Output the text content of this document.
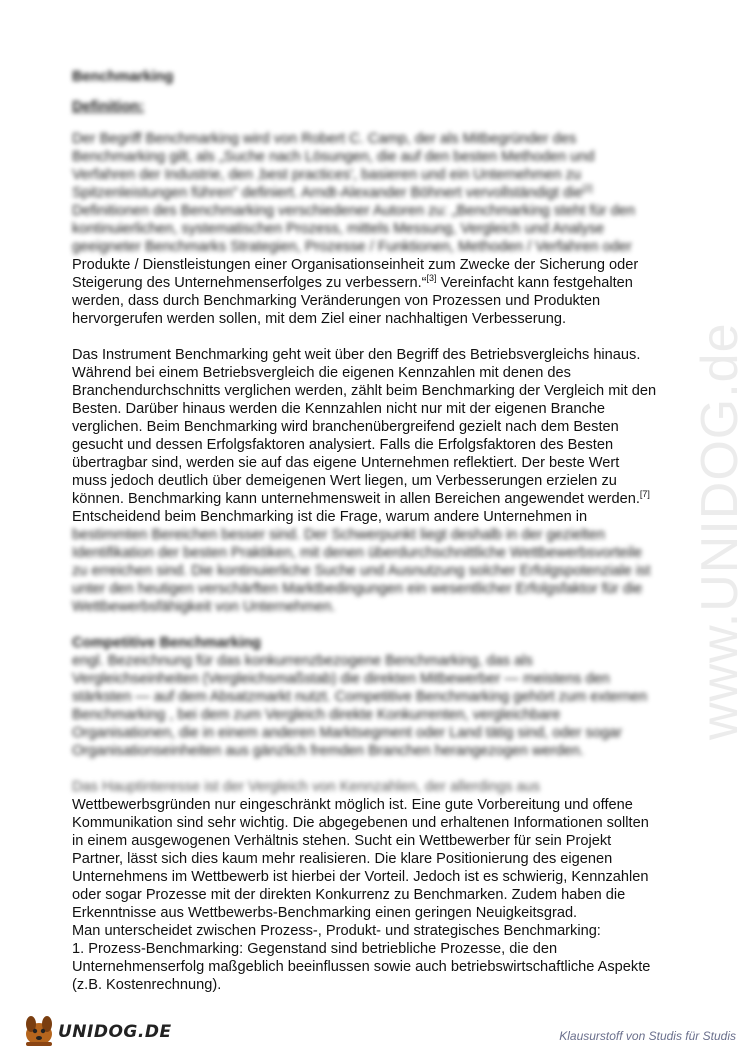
www.UNIDOG.de
Benchmarking
Definition:
Der Begriff Benchmarking wird von Robert C. Camp, der als Mitbegründer des
Benchmarking gilt, als „Suche nach Lösungen, die auf den besten Methoden und
Verfahren der Industrie, den ‚best practices', basieren und ein Unternehmen zu
Spitzenleistungen führen" definiert. Arndt-Alexander Böhnert vervollständigt die[2]
Definitionen des Benchmarking verschiedener Autoren zu: „Benchmarking steht für den
kontinuierlichen, systematischen Prozess, mittels Messung, Vergleich und Analyse
geeigneter Benchmarks Strategien, Prozesse / Funktionen, Methoden / Verfahren oder
Produkte / Dienstleistungen einer Organisationseinheit zum Zwecke der Sicherung oder
Steigerung des Unternehmenserfolges zu verbessern.“[3] Vereinfacht kann festgehalten
werden, dass durch Benchmarking Veränderungen von Prozessen und Produkten
hervorgerufen werden sollen, mit dem Ziel einer nachhaltigen Verbesserung.
Das Instrument Benchmarking geht weit über den Begriff des Betriebsvergleichs hinaus.
Während bei einem Betriebsvergleich die eigenen Kennzahlen mit denen des
Branchendurchschnitts verglichen werden, zählt beim Benchmarking der Vergleich mit den
Besten. Darüber hinaus werden die Kennzahlen nicht nur mit der eigenen Branche
verglichen. Beim Benchmarking wird branchenübergreifend gezielt nach dem Besten
gesucht und dessen Erfolgsfaktoren analysiert. Falls die Erfolgsfaktoren des Besten
übertragbar sind, werden sie auf das eigene Unternehmen reflektiert. Der beste Wert
muss jedoch deutlich über demeigenen Wert liegen, um Verbesserungen erzielen zu
können. Benchmarking kann unternehmensweit in allen Bereichen angewendet werden.[7]
Entscheidend beim Benchmarking ist die Frage, warum andere Unternehmen in
bestimmten Bereichen besser sind. Der Schwerpunkt liegt deshalb in der gezielten
Identifikation der besten Praktiken, mit denen überdurchschnittliche Wettbewerbsvorteile
zu erreichen sind. Die kontinuierliche Suche und Ausnutzung solcher Erfolgspotenziale ist
unter den heutigen verschärften Marktbedingungen ein wesentlicher Erfolgsfaktor für die
Wettbewerbsfähigkeit von Unternehmen.
Competitive Benchmarking
engl. Bezeichnung für das konkurrenzbezogene Benchmarking, das als
Vergleichseinheiten (Vergleichsmaßstab) die direkten Mitbewerber — meistens den
stärksten — auf dem Absatzmarkt nutzt. Competitive Benchmarking gehört zum externen
Benchmarking , bei dem zum Vergleich direkte Konkurrenten, vergleichbare
Organisationen, die in einem anderen Marktsegment oder Land tätig sind, oder sogar
Organisationseinheiten aus gänzlich fremden Branchen herangezogen werden.
Das Hauptinteresse ist der Vergleich von Kennzahlen, der allerdings aus
Wettbewerbsgründen nur eingeschränkt möglich ist. Eine gute Vorbereitung und offene
Kommunikation sind sehr wichtig. Die abgegebenen und erhaltenen Informationen sollten
in einem ausgewogenen Verhältnis stehen. Sucht ein Wettbewerber für sein Projekt
Partner, lässt sich dies kaum mehr realisieren. Die klare Positionierung des eigenen
Unternehmens im Wettbewerb ist hierbei der Vorteil. Jedoch ist es schwierig, Kennzahlen
oder sogar Prozesse mit der direkten Konkurrenz zu Benchmarken. Zudem haben die
Erkenntnisse aus Wettbewerbs-Benchmarking einen geringen Neuigkeitsgrad.
Man unterscheidet zwischen Prozess-, Produkt- und strategisches Benchmarking:
1. Prozess-Benchmarking: Gegenstand sind betriebliche Prozesse, die den
Unternehmenserfolg maßgeblich beeinflussen sowie auch betriebswirtschaftliche Aspekte
(z.B. Kostenrechnung).
UNIDOG.DE	Klausurstoff von Studis für Studis
